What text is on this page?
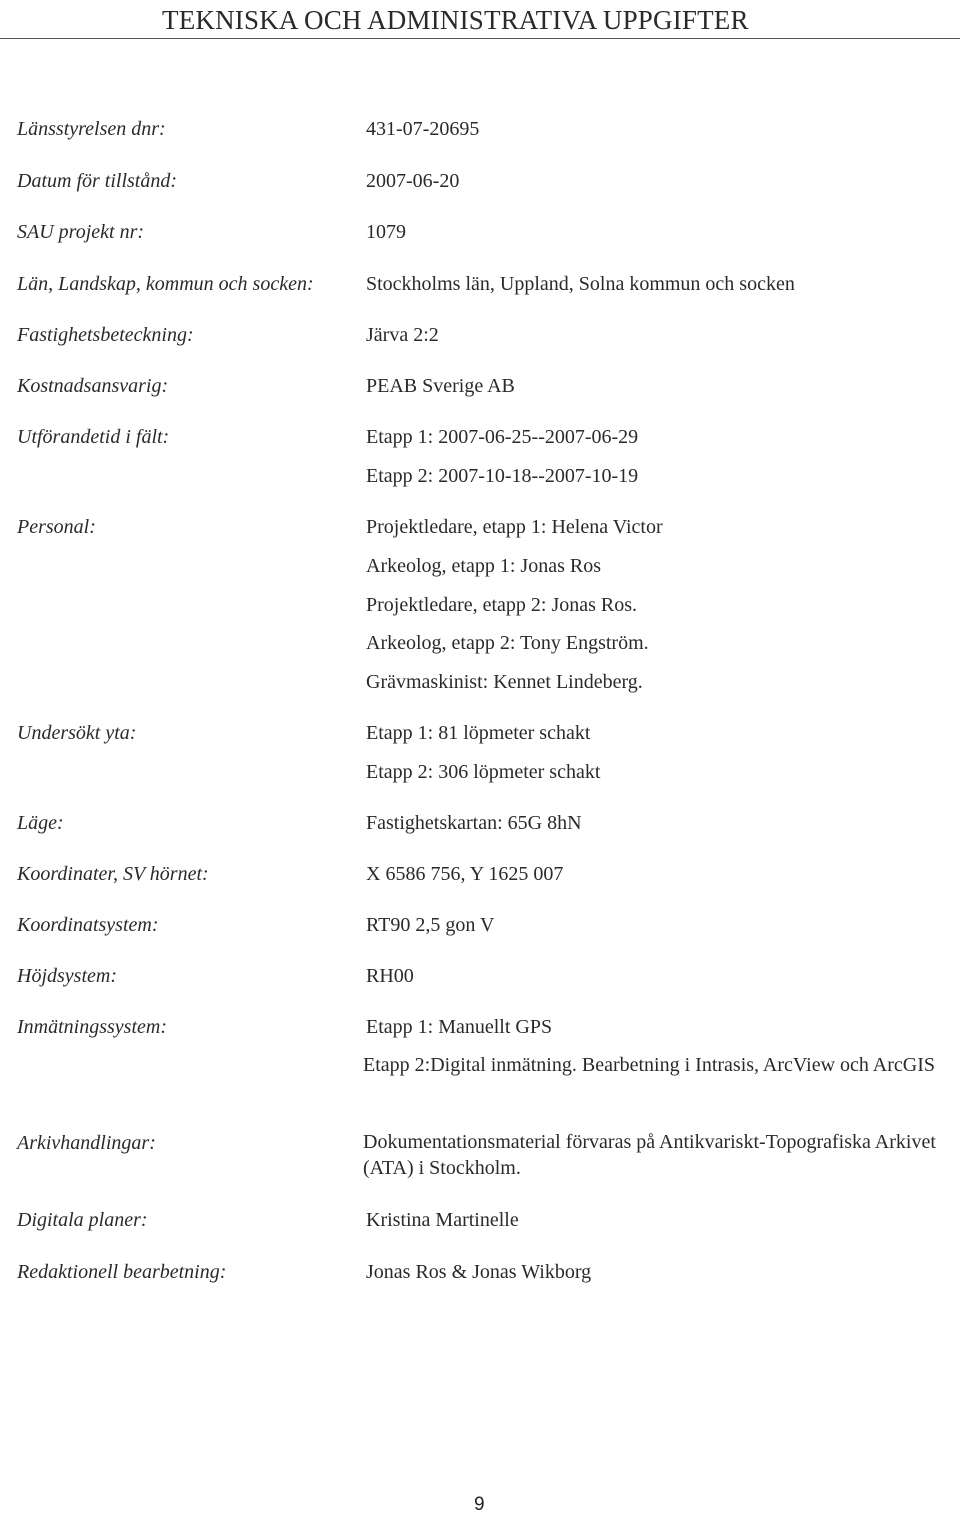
TEKNISKA OCH ADMINISTRATIVA UPPGIFTER
Länsstyrelsen dnr:	431-07-20695
Datum för tillstånd:	2007-06-20
SAU projekt nr:	1079
Län, Landskap, kommun och socken:	Stockholms län, Uppland, Solna kommun och socken
Fastighetsbeteckning:	Järva 2:2
Kostnadsansvarig:	PEAB Sverige AB
Utförandetid i fält:	Etapp 1: 2007-06-25--2007-06-29
Etapp 2: 2007-10-18--2007-10-19
Personal:	Projektledare, etapp 1: Helena Victor
Arkeolog, etapp 1: Jonas Ros
Projektledare, etapp 2: Jonas Ros.
Arkeolog, etapp 2: Tony Engström.
Grävmaskinist: Kennet Lindeberg.
Undersökt yta:	Etapp 1: 81 löpmeter schakt
Etapp 2: 306 löpmeter schakt
Läge:	Fastighetskartan: 65G 8hN
Koordinater, SV hörnet:	X 6586 756, Y 1625 007
Koordinatsystem:	RT90 2,5 gon V
Höjdsystem:	RH00
Inmätningssystem:	Etapp 1: Manuellt GPS
Etapp 2:Digital inmätning. Bearbetning i Intrasis, ArcView och ArcGIS
Arkivhandlingar:	Dokumentationsmaterial förvaras på Antikvariskt-Topografiska Arkivet (ATA) i Stockholm.
Digitala planer:	Kristina Martinelle
Redaktionell bearbetning:	Jonas Ros & Jonas Wikborg
9
